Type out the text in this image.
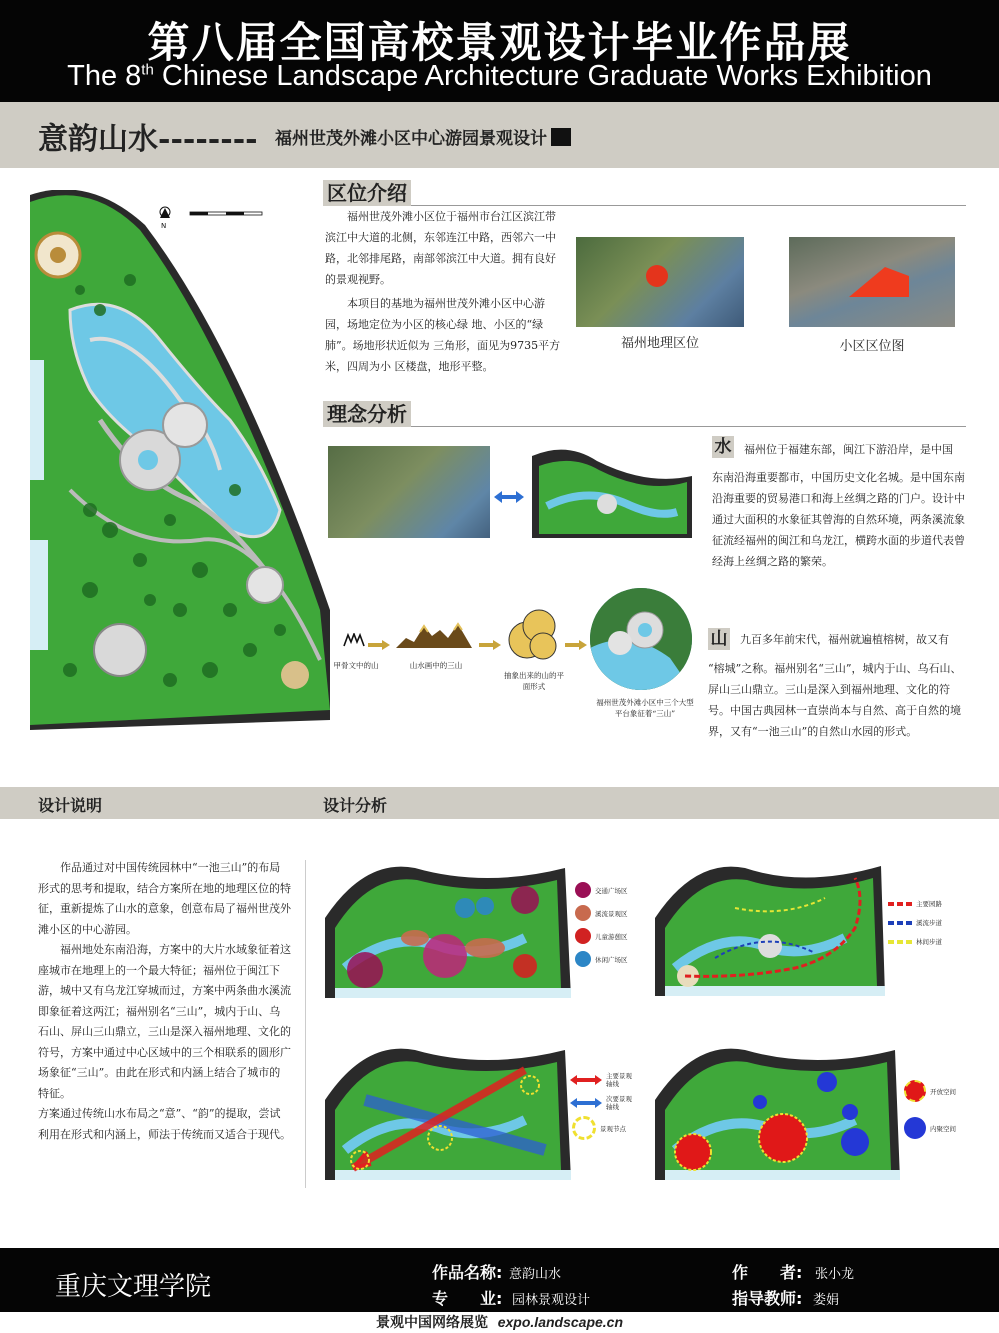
第八届全国高校景观设计毕业作品展
The 8th Chinese Landscape Architecture Graduate Works Exhibition
意韵山水-------- 福州世茂外滩小区中心游园景观设计
N
区位介绍

福州世茂外滩小区位于福州市台江区滨江带滨江中大道的北侧，东邻连江中路，西邻六一中路，北邻排尾路，南部邻滨江中大道。拥有良好的景观视野。

本项目的基地为福州世茂外滩小区中心游园，场地定位为小区的核心绿 地、小区的“绿肺”。场地形状近似为 三角形，面见为9735平方米，四周为小 区楼盘，地形平整。

福州地理区位	小区区位图
理念分析
水 福州位于福建东部，闽江下游沿岸，是中国
东南沿海重要都市，中国历史文化名城。是中国东南沿海重要的贸易港口和海上丝绸之路的门户。设计中通过大面积的水象征其曾海的自然环境，两条溪流象征流经福州的闽江和乌龙江，横跨水面的步道代表曾经海上丝绸之路的繁荣。
甲骨文中的山	山水画中的三山
抽象出来的山的平面形式
福州世茂外滩小区中三个大型平台象征着“三山”
山 九百多年前宋代，福州就遍植榕树，故又有
“榕城”之称。福州别名“三山”，城内于山、乌石山、屏山三山鼎立。三山是深入到福州地理、文化的符号。中国古典园林一直崇尚本与自然、高于自然的境界，又有“一池三山”的自然山水园的形式。
设计说明	设计分析

作品通过对中国传统园林中“一池三山”的布局形式的思考和提取，结合方案所在地的地理区位的特征，重新提炼了山水的意象，创意布局了福州世茂外滩小区的中心游园。

福州地处东南沿海，方案中的大片水域象征着这座城市在地理上的一个最大特征；福州位于闽江下游，城中又有乌龙江穿城而过，方案中两条曲水溪流即象征着这两江；福州别名“三山”，城内于山、乌石山、屏山三山鼎立，三山是深入福州地理、文化的符号，方案中通过中心区域中的三个相联系的圆形广场象征“三山”。由此在形式和内涵上结合了城市的特征。

方案通过传统山水布局之“意”、“韵”的提取，尝试利用在形式和内涵上，师法于传统而又适合于现代。

交通广场区
溪流景观区
儿童游憩区
休闲广场区
主要园路
溪流步道
林间步道
主要景观轴线
次要景观轴线
景观节点
开放空间
内聚空间
重庆文理学院	作品名称: 意韵山水
专　　业: 园林景观设计
作　　者: 张小龙
指导教师: 娄娟
景观中国网络展览 expo.landscape.cn
